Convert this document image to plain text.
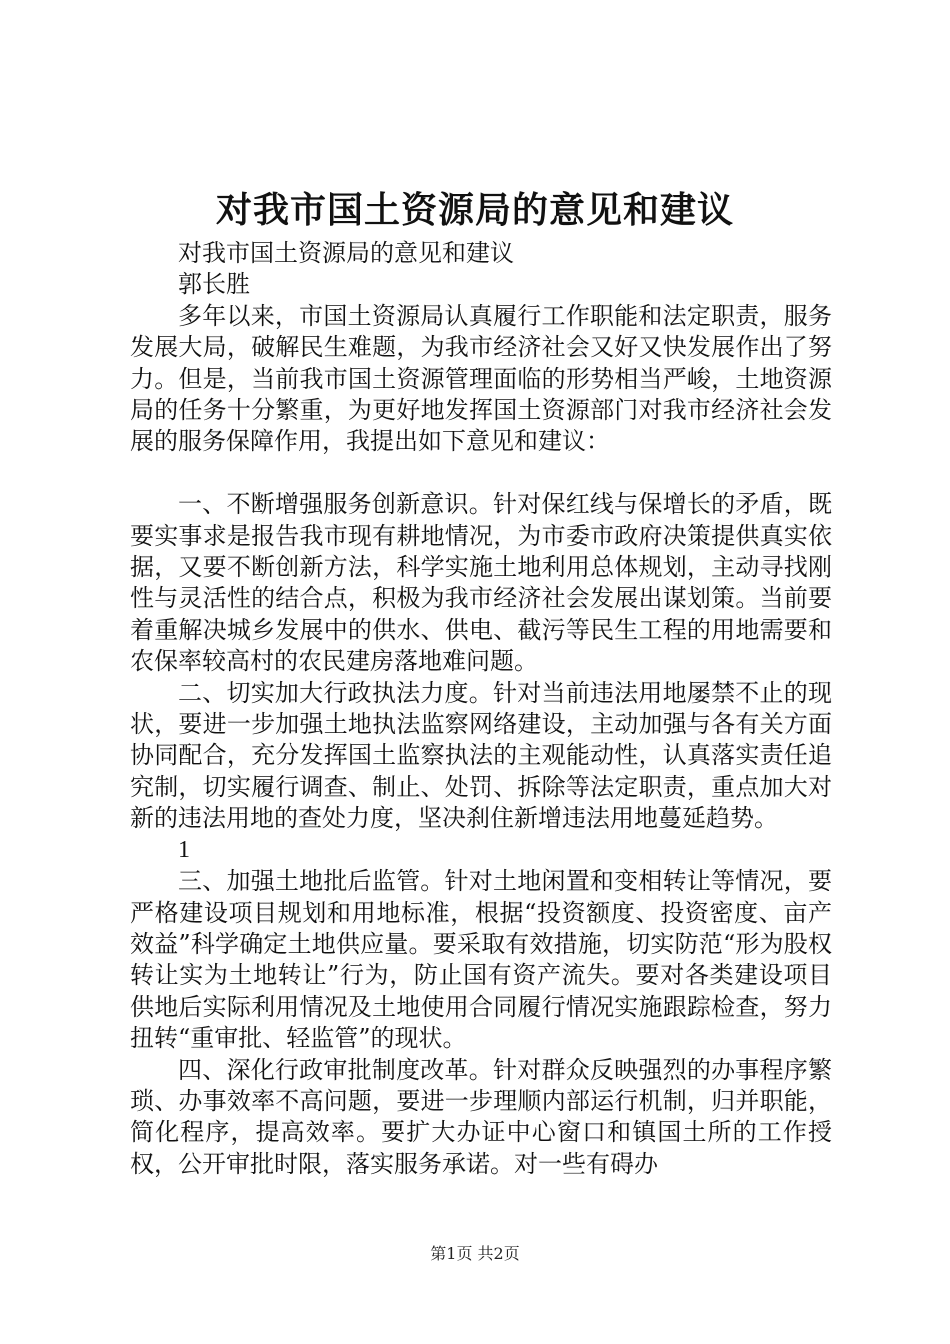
对我市国土资源局的意见和建议

对我市国土资源局的意见和建议

郭长胜

多年以来，市国土资源局认真履行工作职能和法定职责，服务发展大局，破解民生难题，为我市经济社会又好又快发展作出了努力。但是，当前我市国土资源管理面临的形势相当严峻，土地资源局的任务十分繁重，为更好地发挥国土资源部门对我市经济社会发展的服务保障作用，我提出如下意见和建议：

一、不断增强服务创新意识。针对保红线与保增长的矛盾，既要实事求是报告我市现有耕地情况，为市委市政府决策提供真实依据，又要不断创新方法，科学实施土地利用总体规划，主动寻找刚性与灵活性的结合点，积极为我市经济社会发展出谋划策。当前要着重解决城乡发展中的供水、供电、截污等民生工程的用地需要和农保率较高村的农民建房落地难问题。

二、切实加大行政执法力度。针对当前违法用地屡禁不止的现状，要进一步加强土地执法监察网络建设，主动加强与各有关方面协同配合，充分发挥国土监察执法的主观能动性，认真落实责任追究制，切实履行调查、制止、处罚、拆除等法定职责，重点加大对新的违法用地的查处力度，坚决刹住新增违法用地蔓延趋势。

1

三、加强土地批后监管。针对土地闲置和变相转让等情况，要严格建设项目规划和用地标准，根据“投资额度、投资密度、亩产效益”科学确定土地供应量。要采取有效措施，切实防范“形为股权转让实为土地转让”行为，防止国有资产流失。要对各类建设项目供地后实际利用情况及土地使用合同履行情况实施跟踪检查，努力扭转“重审批、轻监管”的现状。

四、深化行政审批制度改革。针对群众反映强烈的办事程序繁琐、办事效率不高问题，要进一步理顺内部运行机制，归并职能，简化程序，提高效率。要扩大办证中心窗口和镇国土所的工作授权，公开审批时限，落实服务承诺。对一些有碍办

第1页 共2页
